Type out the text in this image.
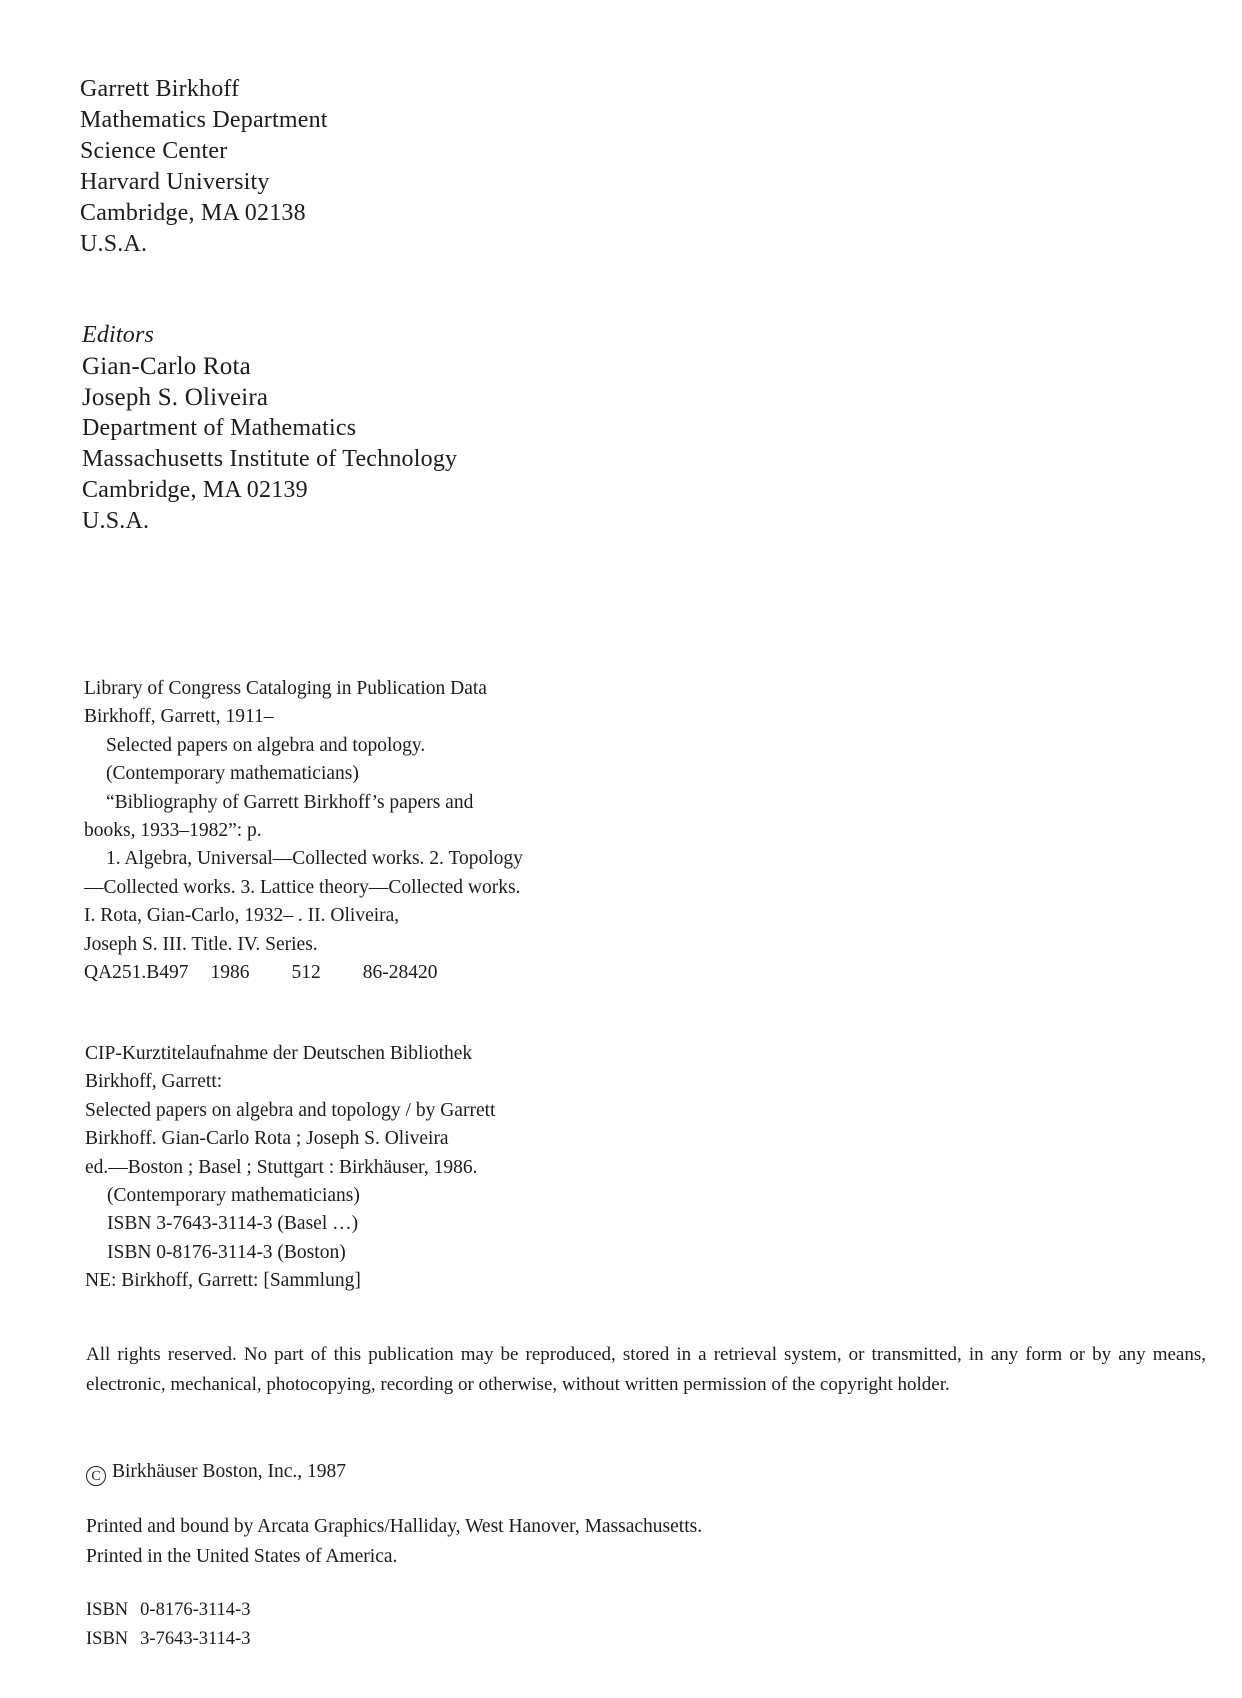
Garrett Birkhoff
Mathematics Department
Science Center
Harvard University
Cambridge, MA 02138
U.S.A.
Editors
Gian-Carlo Rota
Joseph S. Oliveira
Department of Mathematics
Massachusetts Institute of Technology
Cambridge, MA 02139
U.S.A.
Library of Congress Cataloging in Publication Data
Birkhoff, Garrett, 1911–
Selected papers on algebra and topology.
(Contemporary mathematicians)
“Bibliography of Garrett Birkhoff’s papers and
books, 1933–1982”: p.
1. Algebra, Universal—Collected works. 2. Topology
—Collected works. 3. Lattice theory—Collected works.
I. Rota, Gian-Carlo, 1932– . II. Oliveira,
Joseph S. III. Title. IV. Series.
QA251.B497 1986 512 86-28420
CIP-Kurztitelaufnahme der Deutschen Bibliothek
Birkhoff, Garrett:
Selected papers on algebra and topology / by Garrett
Birkhoff. Gian-Carlo Rota ; Joseph S. Oliveira
ed.—Boston ; Basel ; Stuttgart : Birkhäuser, 1986.
(Contemporary mathematicians)
ISBN 3-7643-3114-3 (Basel …)
ISBN 0-8176-3114-3 (Boston)
NE: Birkhoff, Garrett: [Sammlung]
All rights reserved. No part of this publication may be reproduced, stored in a retrieval system, or transmitted, in any form or by any means, electronic, mechanical, photocopying, recording or otherwise, without written permission of the copyright holder.
C Birkhäuser Boston, Inc., 1987
Printed and bound by Arcata Graphics/Halliday, West Hanover, Massachusetts.
Printed in the United States of America.
ISBN 0-8176-3114-3
ISBN 3-7643-3114-3
